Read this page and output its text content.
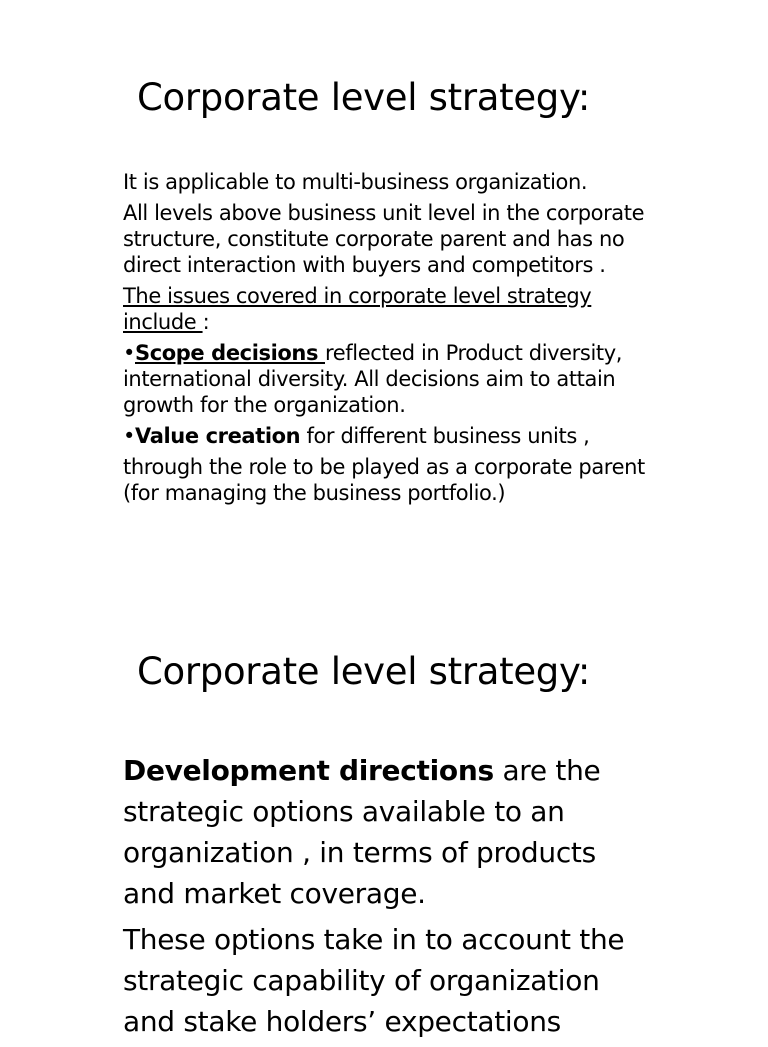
Corporate level strategy:

It is applicable to multi-business organization.

All levels above business unit level in the corporate structure, constitute corporate parent and has no direct interaction with buyers and competitors .

The issues covered in corporate level strategy include :

•Scope decisions reflected in Product diversity, international diversity. All decisions aim to attain growth for the organization.

•Value creation for different business units ,

through the role to be played as a corporate parent (for managing the business portfolio.)

Corporate level strategy:

Development directions are the strategic options available to an organization , in terms of products and market coverage.

These options take in to account the strategic capability of organization and stake holders’ expectations
